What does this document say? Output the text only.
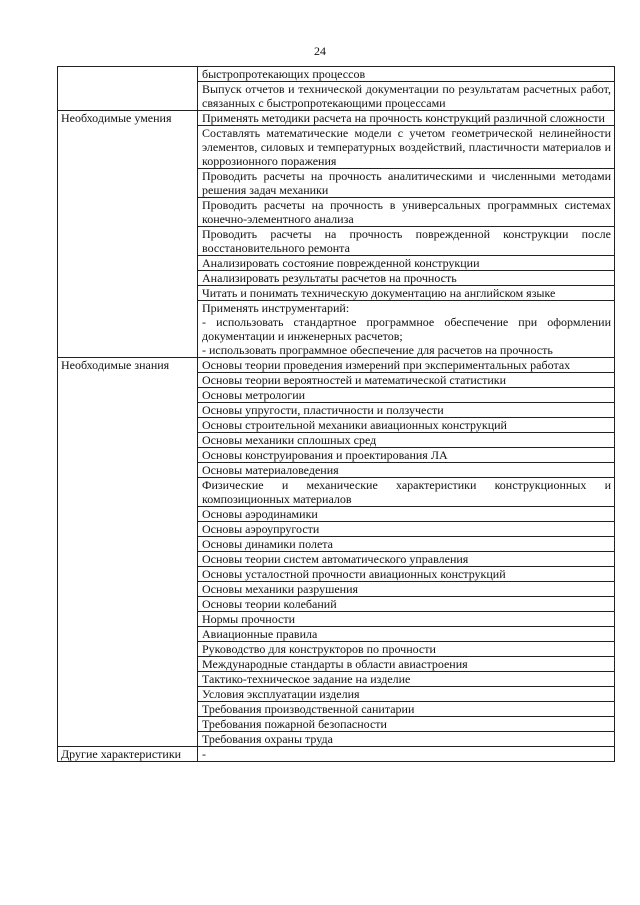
24
	быстропротекающих процессов
	Выпуск отчетов и технической документации по результатам расчетных работ, связанных с быстропротекающими процессами
Необходимые умения	Применять методики расчета на прочность конструкций различной сложности
	Составлять математические модели с учетом геометрической нелинейности элементов, силовых и температурных воздействий, пластичности материалов и коррозионного поражения
	Проводить расчеты на прочность аналитическими и численными методами решения задач механики
	Проводить расчеты на прочность в универсальных программных системах конечно-элементного анализа
	Проводить расчеты на прочность поврежденной конструкции после восстановительного ремонта
	Анализировать состояние поврежденной конструкции
	Анализировать результаты расчетов на прочность
	Читать и понимать техническую документацию на английском языке

	Применять инструментарий:
- использовать стандартное программное обеспечение при оформлении документации и инженерных расчетов;
- использовать программное обеспечение для расчетов на прочность

Необходимые знания	Основы теории проведения измерений при экспериментальных работах
	Основы теории вероятностей и математической статистики
	Основы метрологии
	Основы упругости, пластичности и ползучести
	Основы строительной механики авиационных конструкций
	Основы механики сплошных сред
	Основы конструирования и проектирования ЛА
	Основы материаловедения
	Физические и механические характеристики конструкционных и композиционных материалов
	Основы аэродинамики
	Основы аэроупругости
	Основы динамики полета
	Основы теории систем автоматического управления
	Основы усталостной прочности авиационных конструкций
	Основы механики разрушения
	Основы теории колебаний
	Нормы прочности
	Авиационные правила
	Руководство для конструкторов по прочности
	Международные стандарты в области авиастроения
	Тактико-техническое задание на изделие
	Условия эксплуатации изделия
	Требования производственной санитарии
	Требования пожарной безопасности
	Требования охраны труда
Другие характеристики	-
